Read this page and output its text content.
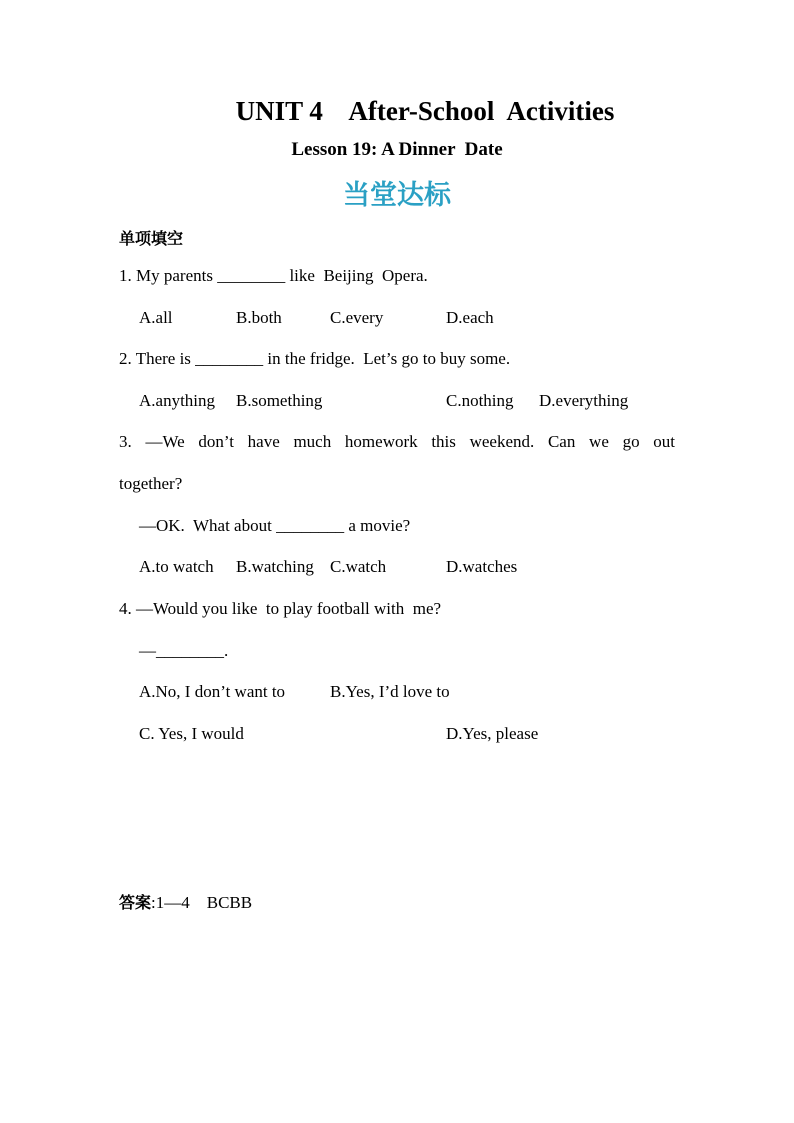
UNIT 4    After-School  Activities
Lesson 19: A Dinner  Date
当堂达标
单项填空
1. My parents ________ like  Beijing  Opera.
A.all	B.both	C.every	D.each
2. There is ________ in the fridge.  Let’s go to buy some.
A.anything B.something	C.nothing D.everything
3. —We don’t have much homework this weekend. Can we go out
together?
—OK.  What about ________ a movie?
A.to watch B.watching C.watch	D.watches
4. —Would you like  to play football with  me?
—________.
A.No, I don’t want to	B.Yes, I’d love to
C. Yes, I would	D.Yes, please
答案:1—4    BCBB
